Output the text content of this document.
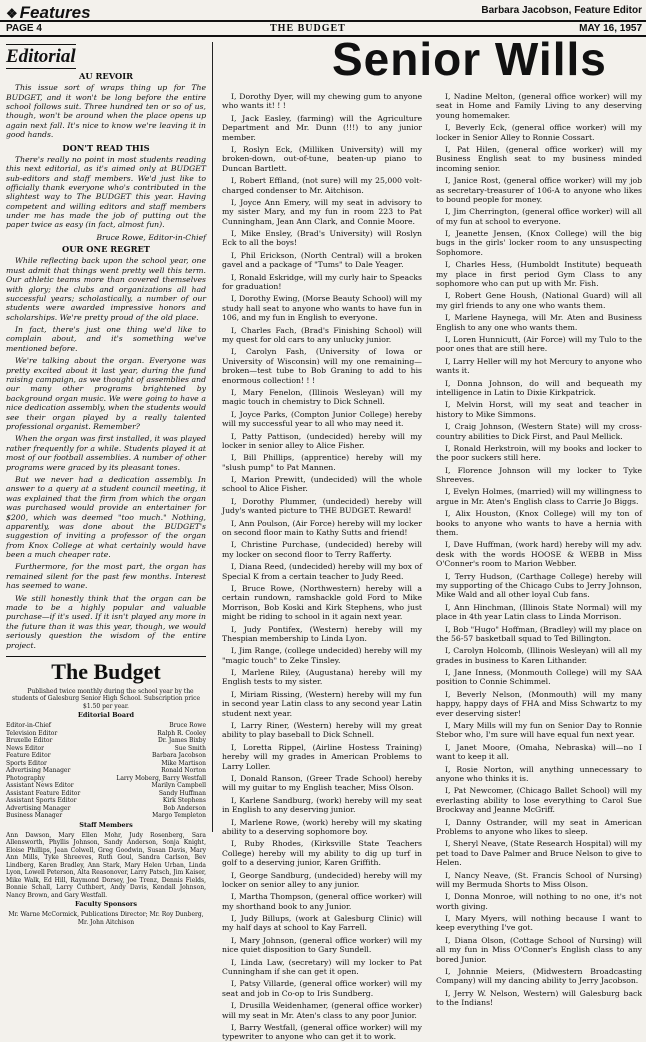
❖ Features	Barbara Jacobson, Feature Editor
PAGE 4	THE BUDGET	MAY 16, 1957
Editorial
AU REVOIR

This issue sort of wraps thing up for The BUDGET, and it won't be long before the entire school follows suit. Three hundred ten or so of us, though, won't be around when the place opens up again next fall. It's nice to know we're leaving it in good hands.

DON'T READ THIS

There's really no point in most students reading this next editorial, as it's aimed only at BUDGET sub-editors and staff members. We'd just like to officially thank everyone who's contributed in the slightest way to The BUDGET this year. Having competent and willing editors and staff members under me has made the job of putting out the paper twice as easy (in fact, almost fun).

Bruce Rowe, Editor-in-Chief
OUR ONE REGRET

While reflecting back upon the school year, one must admit that things went pretty well this term. Our athletic teams more than covered themselves with glory; the clubs and organizations all had successful years; scholastically, a number of our students were awarded impressive honors and scholarships. We're pretty proud of the old place.

In fact, there's just one thing we'd like to complain about, and it's something we've mentioned before.

We're talking about the organ. Everyone was pretty excited about it last year, during the fund raising campaign, as we thought of assemblies and our many other programs brightened by background organ music. We were going to have a nice dedication assembly, when the students would see their organ played by a really talented professional organist. Remember?

When the organ was first installed, it was played rather frequently for a while. Students played it at most of our football assemblies. A number of other programs were graced by its pleasant tones.

But we never had a dedication assembly. In answer to a query at a student council meeting, it was explained that the firm from which the organ was purchased would provide an entertainer for $200, which was deemed "too much." Nothing, apparently, was done about the BUDGET's suggestion of inviting a professor of the organ from Knox College at what certainly would have been a much cheaper rate.

Furthermore, for the most part, the organ has remained silent for the past few months. Interest has seemed to wane.

We still honestly think that the organ can be made to be a highly popular and valuable purchase—if it's used. If it isn't played any more in the future than it was this year, though, we would seriously question the wisdom of the entire project.

The Budget

Published twice monthly during the school year by the students of Galesburg Senior High School. Subscription price $1.50 per year.

Editorial Board
Editor-in-Chief	Bruce Rowe
Television Editor	Ralph R. Cooley
Bruxelle Editor	Dr. James Bixby
News Editor	Sue Smith
Feature Editor	Barbara Jacobson
Sports Editor	Mike Martison
Advertising Manager	Ronald Norton
Photography	Larry Moberg, Barry Westfall
Assistant News Editor	Marilyn Campbell
Assistant Feature Editor	Sandy Huffman
Assistant Sports Editor	Kirk Stephens
Advertising Manager	Bob Anderson
Business Manager	Margo Templeton
Staff Members
Ann Dawson, Mary Ellen Mohr, Judy Rosenberg, Sara Allensworth, Phyllis Johnson, Sandy Anderson, Sonja Knight, Eloise Phillips, Jean Colwell, Greg Goodwin, Susan Davis, Mary Ann Mills, Tyke Shreeves, Ruth Goul, Sandra Carlson, Bev Lindberg, Karen Bradley, Ann Stark, Mary Helen Urban, Linda Lyon, Lowell Peterson, Alta Reasonover, Larry Patsch, Jim Kaiser, Mike Walk, Ed Hill, Raymond Dorsey, Joe Trenz, Dennis Fields, Bonnie Schall, Larry Cuthbert, Andy Davis, Kendall Johnson, Nancy Brown, and Gary Westfall.
Faculty Sponsors
Mr. Warne McCormick, Publications Director; Mr. Roy Dunberg, Mr. John Aitchison
Senior Wills

I, Dorothy Dyer, will my chewing gum to anyone who wants it! ! !

I, Jack Easley, (farming) will the Agriculture Department and Mr. Dunn (!!!) to any junior member.

I, Roslyn Eck, (Milliken University) will my broken-down, out-of-tune, beaten-up piano to Duncan Bartlett.

I, Robert Effland, (not sure) will my 25,000 volt-charged condenser to Mr. Aitchison.

I, Joyce Ann Emery, will my seat in advisory to my sister Mary, and my fun in room 223 to Pat Cunningham, Jean Ann Clark, and Connie Moore.

I, Mike Ensley, (Brad's University) will Roslyn Eck to all the boys!

I, Phil Erickson, (North Central) will a broken gavel and a package of "Tums" to Dale Yeager.

I, Ronald Eskridge, will my curly hair to Speacks for graduation!

I, Dorothy Ewing, (Morse Beauty School) will my study hall seat to anyone who wants to have fun in 106, and my fun in English to everyone.

I, Charles Fach, (Brad's Finishing School) will my quest for old cars to any unlucky junior.

I, Carolyn Fash, (University of Iowa or University of Wisconsin) will my one remaining—broken—test tube to Bob Graning to add to his enormous collection! ! !

I, Mary Fenelon, (Illinois Wesleyan) will my magic touch in chemistry to Dick Schnell.

I, Joyce Parks, (Compton Junior College) hereby will my successful year to all who may need it.

I, Patty Pattison, (undecided) hereby will my locker in senior alley to Alice Fisher.

I, Bill Phillips, (apprentice) hereby will my "slush pump" to Pat Mannen.

I, Marion Prewitt, (undecided) will the whole school to Alice Fisher.

I, Dorothy Plummer, (undecided) hereby will Judy's wanted picture to THE BUDGET. Reward!

I, Ann Poulson, (Air Force) hereby will my locker on second floor main to Kathy Sutts and friend!

I, Christine Purchase, (undecided) hereby will my locker on second floor to Terry Rafferty.

I, Diana Reed, (undecided) hereby will my box of Special K from a certain teacher to Judy Reed.

I, Bruce Rowe, (Northwestern) hereby will a certain rundown, ramshackle gold Ford to Mike Morrison, Bob Koski and Kirk Stephens, who just might be riding to school in it again next year.

I, Judy Pontifex, (Western) hereby will my Thespian membership to Linda Lyon.

I, Jim Range, (college undecided) hereby will my "magic touch" to Zeke Tinsley.

I, Marlene Riley, (Augustana) hereby will my English tests to my sister.

I, Miriam Rissing, (Western) hereby will my fun in second year Latin class to any second year Latin student next year.

I, Larry Riner, (Western) hereby will my great ability to play baseball to Dick Schnell.

I, Loretta Rippel, (Airline Hostess Training) hereby will my grades in American Problems to Larry Loller.

I, Donald Ranson, (Greer Trade School) hereby will my guitar to my English teacher, Miss Olson.

I, Karlene Sandburg, (work) hereby will my seat in English to any deserving junior.

I, Marlene Rowe, (work) hereby will my skating ability to a deserving sophomore boy.

I, Ruby Rhodes, (Kirksville State Teachers College) hereby will my ability to dig up turf in golf to a deserving junior, Karen Griffith.

I, George Sandburg, (undecided) hereby will my locker on senior alley to any junior.

I, Martha Thompson, (general office worker) will my shorthand book to any Junior.

I, Judy Billups, (work at Galesburg Clinic) will my half days at school to Kay Farrell.

I, Mary Johnson, (general office worker) will my nice quiet disposition to Gary Sundell.

I, Linda Law, (secretary) will my locker to Pat Cunningham if she can get it open.

I, Patsy Villarde, (general office worker) will my seat and job in Co-op to Iris Sundberg.

I, Drusilla Weidenhamer, (general office worker) will my seat in Mr. Aten's class to any poor Junior.

I, Barry Westfall, (general office worker) will my typewriter to anyone who can get it to work.

I, Nadine Melton, (general office worker) will my seat in Home and Family Living to any deserving young homemaker.

I, Beverly Eck, (general office worker) will my locker in Senior Alley to Ronnie Cossart.

I, Pat Hilen, (general office worker) will my Business English seat to my business minded incoming senior.

I, Janice Rost, (general office worker) will my job as secretary-treasurer of 106-A to anyone who likes to bound people for money.

I, Jim Cherrington, (general office worker) will all of my fun at school to everyone.

I, Jeanette Jensen, (Knox College) will the big bugs in the girls' locker room to any unsuspecting Sophomore.

I, Charles Hess, (Humboldt Institute) bequeath my place in first period Gym Class to any sophomore who can put up with Mr. Fish.

I, Robert Gene Housh, (National Guard) will all my girl friends to any one who wants them.

I, Marlene Haynega, will Mr. Aten and Business English to any one who wants them.

I, Loren Hunnicutt, (Air Force) will my Tulo to the poor ones that are still here.

I, Larry Heller will my hot Mercury to anyone who wants it.

I, Donna Johnson, do will and bequeath my intelligence in Latin to Dixie Kirkpatrick.

I, Melvin Horst, will my seat and teacher in history to Mike Simmons.

I, Craig Johnson, (Western State) will my cross-country abilities to Dick First, and Paul Mellick.

I, Ronald Herkstroin, will my books and locker to the poor suckers still here.

I, Florence Johnson will my locker to Tyke Shreeves.

I, Evelyn Holmes, (married) will my willingness to argue in Mr. Aten's English class to Carrie Jo Biggs.

I, Alix Houston, (Knox College) will my ton of books to anyone who wants to have a hernia with them.

I, Dave Huffman, (work hard) hereby will my adv. desk with the words HOOSE & WEBB in Miss O'Conner's room to Marion Webber.

I, Terry Hudson, (Carthage College) hereby will my supporting of the Chicago Cubs to Jerry Johnson, Mike Wald and all other loyal Cub fans.

I, Ann Hinchman, (Illinois State Normal) will my place in 4th year Latin class to Linda Morrison.

I, Bob "Hugo" Hoffman, (Bradley) will my place on the 56-57 basketball squad to Ted Billington.

I, Carolyn Holcomb, (Illinois Wesleyan) will all my grades in business to Karen Lithander.

I, Jane Inness, (Monmouth College) will my SAA position to Connie Schimmel.

I, Beverly Nelson, (Monmouth) will my many happy, happy days of FHA and Miss Schwartz to my ever deserving sister!

I, Mary Mills will my fun on Senior Day to Ronnie Stebor who, I'm sure will have equal fun next year.

I, Janet Moore, (Omaha, Nebraska) will—no I want to keep it all.

I, Rosie Norton, will anything unnecessary to anyone who thinks it is.

I, Pat Newcomer, (Chicago Ballet School) will my everlasting ability to lose everything to Carol Sue Brockway and Jeanne McGriff.

I, Danny Ostrander, will my seat in American Problems to anyone who likes to sleep.

I, Sheryl Neave, (State Research Hospital) will my pet toad to Dave Palmer and Bruce Nelson to give to Helen.

I, Nancy Neave, (St. Francis School of Nursing) will my Bermuda Shorts to Miss Olson.

I, Donna Monroe, will nothing to no one, it's not worth giving.

I, Mary Myers, will nothing because I want to keep everything I've got.

I, Diana Olson, (Cottage School of Nursing) will all my fun in Miss O'Conner's English class to any bored Junior.

I, Johnnie Meiers, (Midwestern Broadcasting Company) will my dancing ability to Jerry Jacobson.

I, Jerry W. Nelson, Western) will Galesburg back to the Indians!
